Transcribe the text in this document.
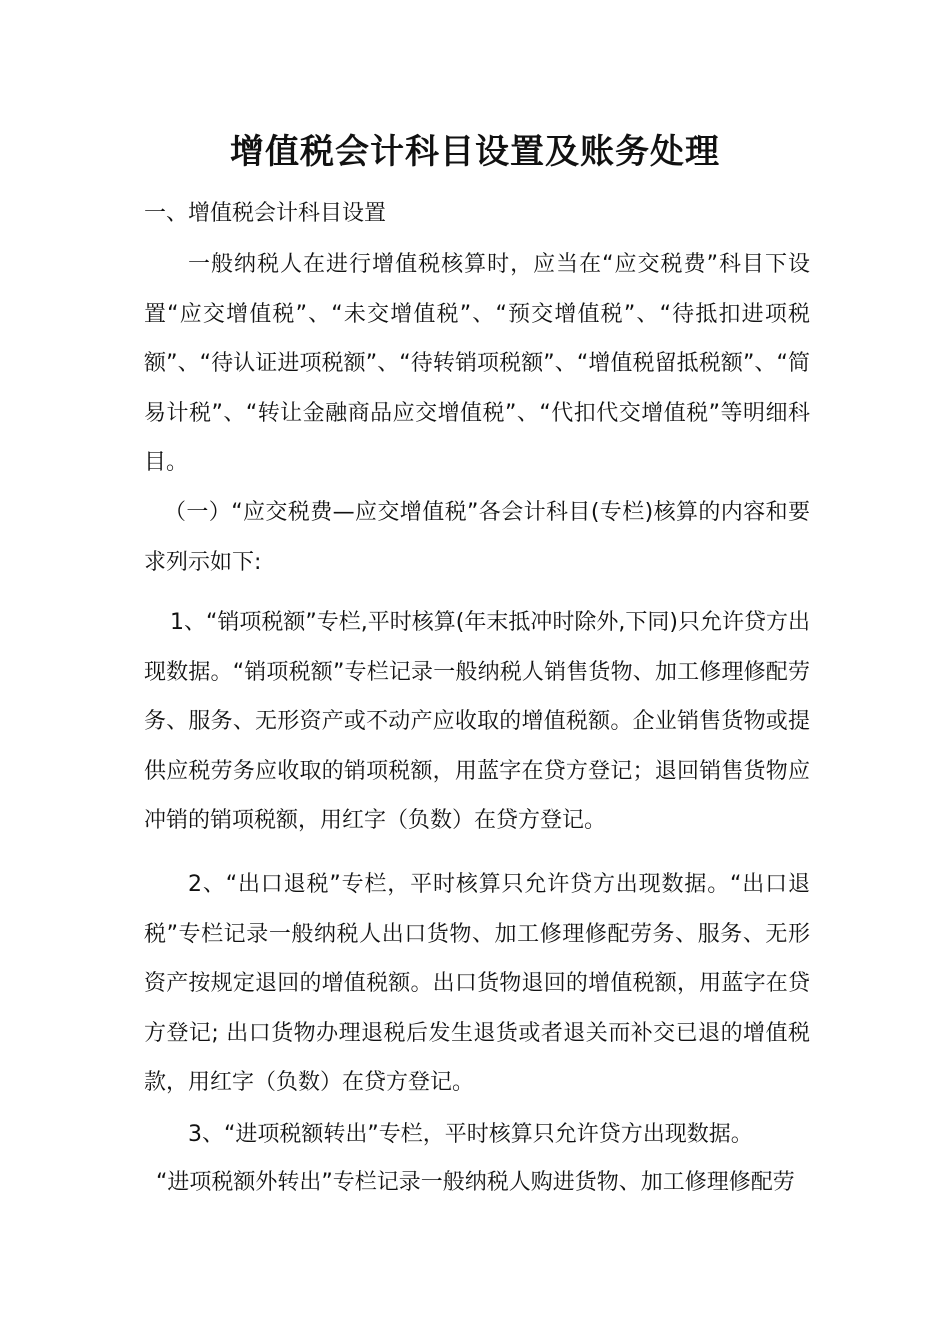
增值税会计科目设置及账务处理
一、增值税会计科目设置

一般纳税人在进行增值税核算时，应当在“应交税费”科目下设置“应交增值税”、“未交增值税”、“预交增值税”、“待抵扣进项税额”、“待认证进项税额”、“待转销项税额”、“增值税留抵税额”、“简易计税”、“转让金融商品应交增值税”、“代扣代交增值税”等明细科目。

（一）“应交税费—应交增值税”各会计科目(专栏)核算的内容和要求列示如下:

1、“销项税额”专栏,平时核算(年末抵冲时除外,下同)只允许贷方出现数据。“销项税额”专栏记录一般纳税人销售货物、加工修理修配劳务、服务、无形资产或不动产应收取的增值税额。企业销售货物或提供应税劳务应收取的销项税额，用蓝字在贷方登记；退回销售货物应冲销的销项税额，用红字（负数）在贷方登记。

2、“出口退税”专栏，平时核算只允许贷方出现数据。“出口退税”专栏记录一般纳税人出口货物、加工修理修配劳务、服务、无形资产按规定退回的增值税额。出口货物退回的增值税额，用蓝字在贷方登记; 出口货物办理退税后发生退货或者退关而补交已退的增值税款，用红字（负数）在贷方登记。

3、“进项税额转出”专栏，平时核算只允许贷方出现数据。

“进项税额外转出”专栏记录一般纳税人购进货物、加工修理修配劳
